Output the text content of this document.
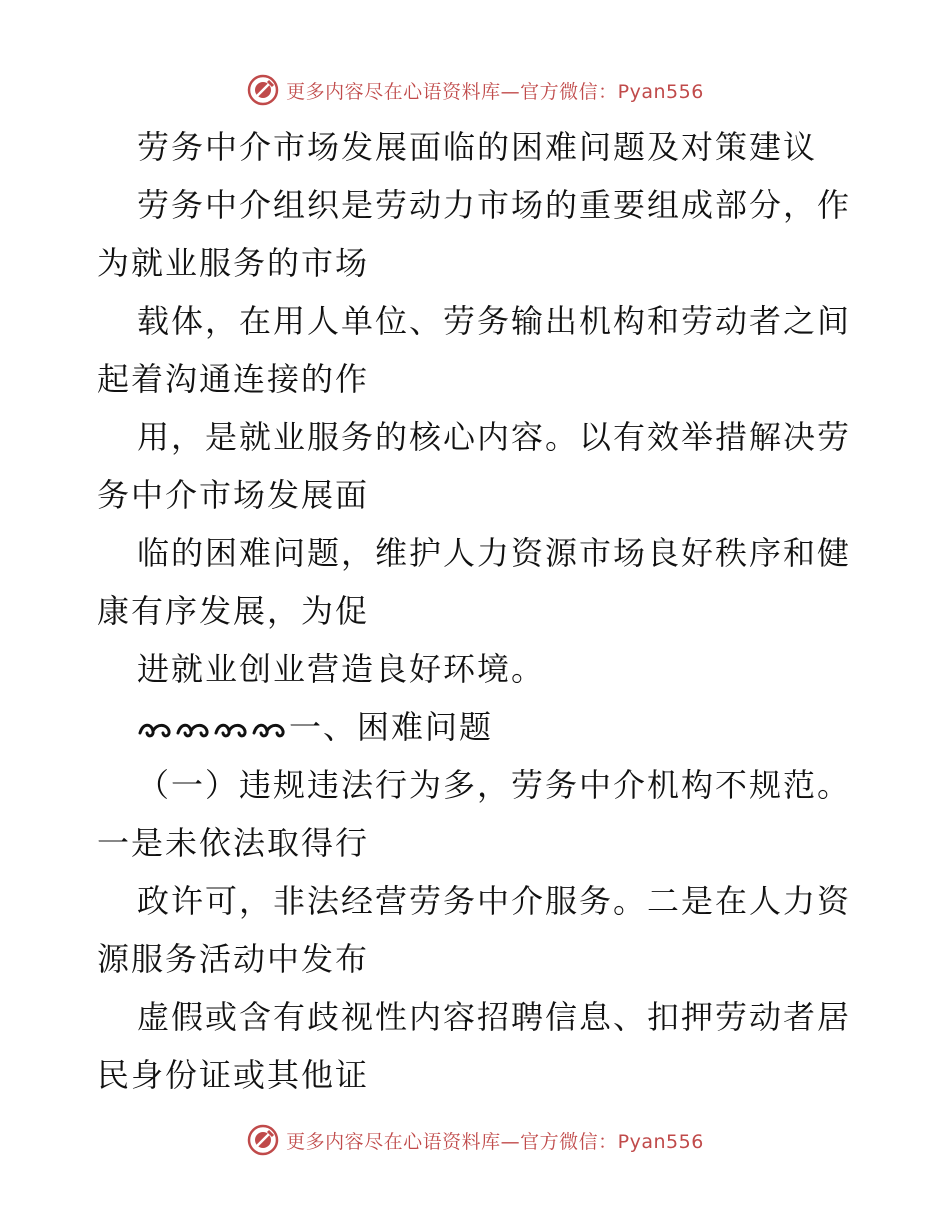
更多内容尽在心语资料库—官方微信：Pyan556
劳务中介市场发展面临的困难问题及对策建议
劳务中介组织是劳动力市场的重要组成部分，作
为就业服务的市场
载体，在用人单位、劳务输出机构和劳动者之间
起着沟通连接的作
用，是就业服务的核心内容。以有效举措解决劳
务中介市场发展面
临的困难问题，维护人力资源市场良好秩序和健
康有序发展，为促
进就业创业营造良好环境。
一、困难问题
（一）违规违法行为多，劳务中介机构不规范。
一是未依法取得行
政许可，非法经营劳务中介服务。二是在人力资
源服务活动中发布
虚假或含有歧视性内容招聘信息、扣押劳动者居
民身份证或其他证
更多内容尽在心语资料库—官方微信：Pyan556
